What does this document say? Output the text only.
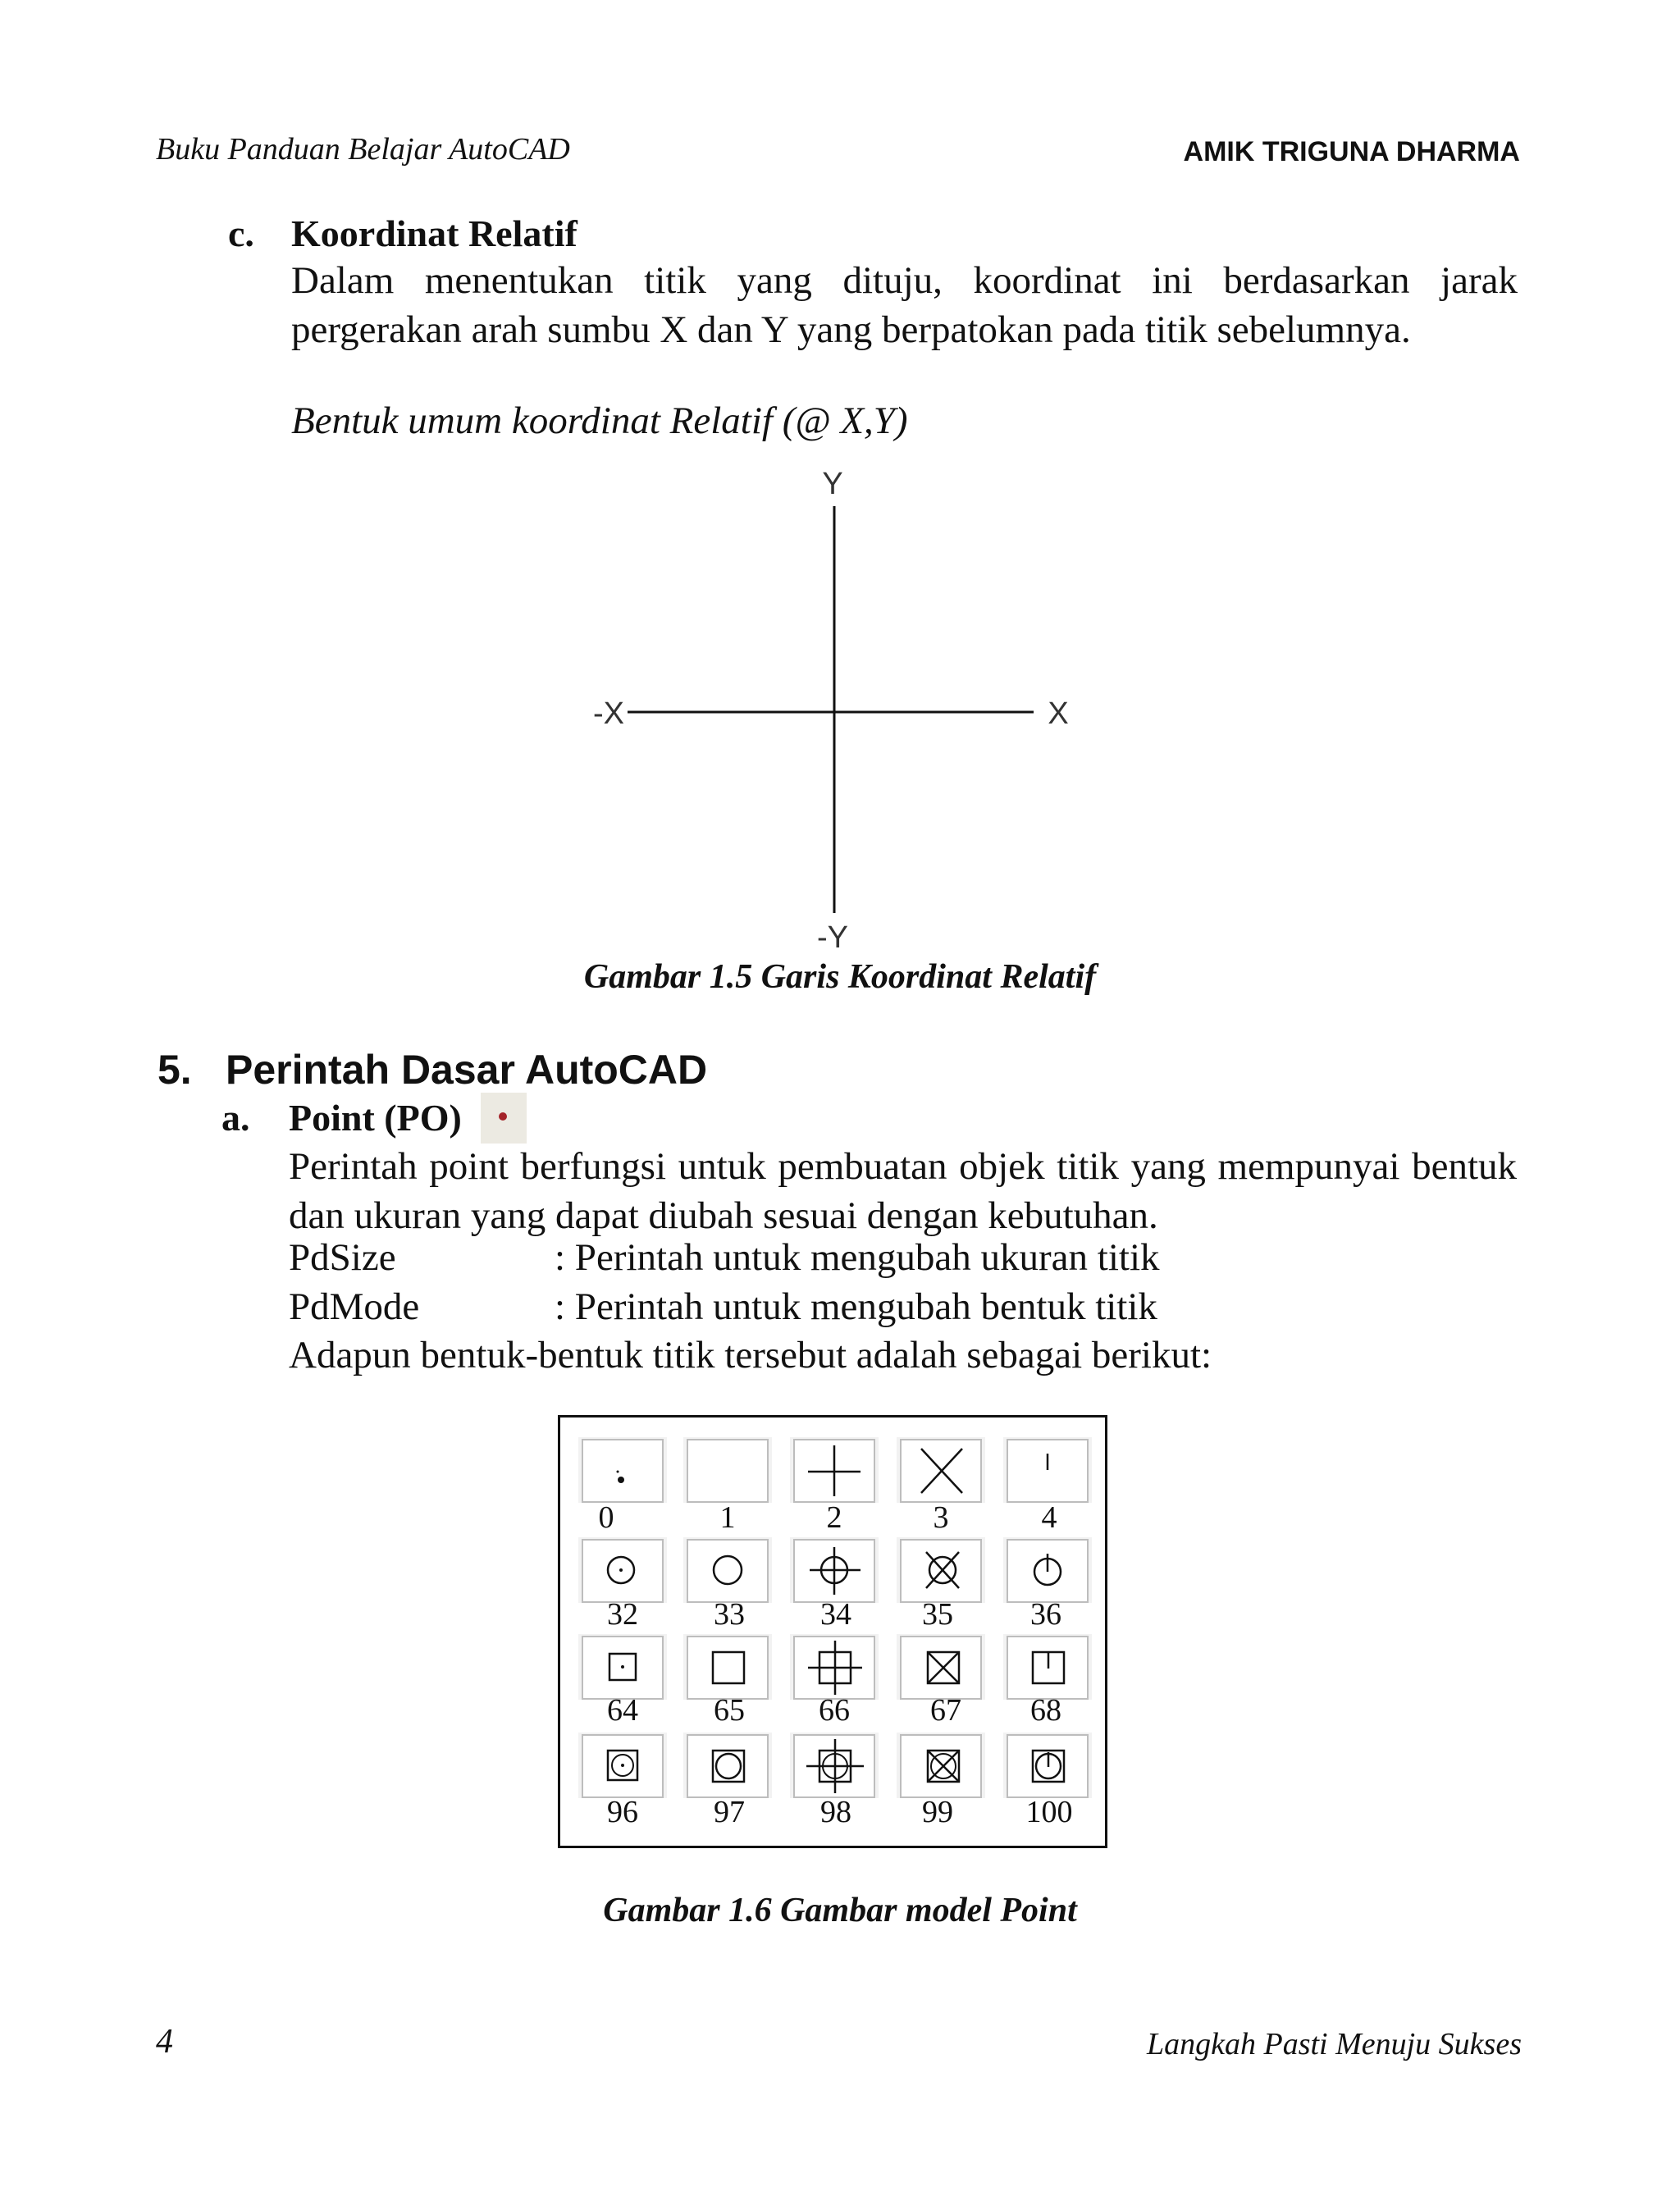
Buku Panduan Belajar AutoCAD	AMIK TRIGUNA DHARMA
c. Koordinat Relatif
Dalam menentukan titik yang dituju, koordinat ini berdasarkan jarak pergerakan arah sumbu X dan Y yang berpatokan pada titik sebelumnya.
Bentuk umum koordinat Relatif (@ X,Y)
Y
-Y
X
-X
Gambar 1.5 Garis Koordinat Relatif
5. Perintah Dasar AutoCAD
a. Point (PO)
Perintah point berfungsi untuk pembuatan objek titik yang mempunyai bentuk dan ukuran yang dapat diubah sesuai dengan kebutuhan.
PdSize	: Perintah untuk mengubah ukuran titik
PdMode	: Perintah untuk mengubah bentuk titik
Adapun bentuk-bentuk titik tersebut adalah sebagai berikut:
0	1	2	3	4
32	33	34	35	36
64	65	66	67	68
96	97	98	99	100
Gambar 1.6 Gambar model Point
4	Langkah Pasti Menuju Sukses
